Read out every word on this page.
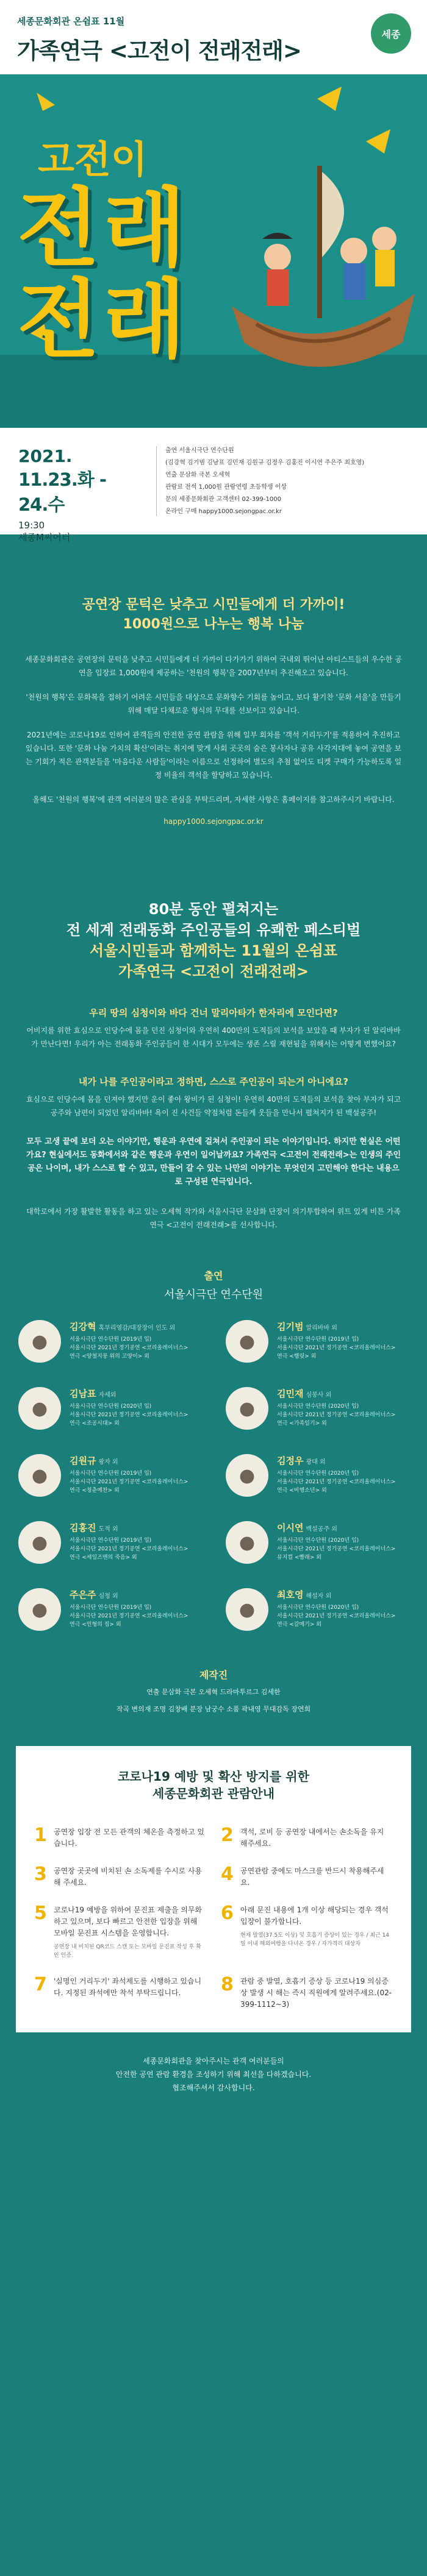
세종문화회관 온쉼표 11월
가족연극 <고전이 전래전래>
세종
고전이
전래
전래
2021.
11.23.화 - 24.수
19:30
세종M씨어터

출연 서울시극단 연수단원

(김강혁 김기범 김남표 김민재 김원규 김정우 김홍진 이시연 주은주 최호영)

연출 문삼화 극본 오세혁

관람료 전석 1,000원 관람연령 초등학생 이상

문의 세종문화회관 고객센터 02-399-1000

온라인 구매 happy1000.sejongpac.or.kr

공연장 문턱은 낮추고 시민들에게 더 가까이!
1000원으로 나누는 행복 나눔

세종문화회관은 공연장의 문턱을 낮추고 시민들에게 더 가까이 다가가기 위하여 국내외 뛰어난 아티스트들의 우수한 공연을 입장료 1,000원에 제공하는 '천원의 행복'을 2007년부터 추진해오고 있습니다.

'천원의 행복'은 문화복을 접하기 어려운 시민들을 대상으로 문화향수 기회를 높이고, 보다 활기찬 '문화 서울'을 만들기 위해 매달 다채로운 형식의 무대를 선보이고 있습니다.

2021년에는 코로나19로 인하여 관객들의 안전한 공연 관람을 위해 일부 회차를 '객석 거리두기'를 적용하여 추진하고 있습니다. 또한 '문화 나눔 가치의 확산'이라는 취지에 맞게 사회 곳곳의 숨은 봉사자나 공유 사각지대에 놓여 공연을 보는 기회가 적은 관객분들을 '마음다운 사람들'이라는 이름으로 선정하여 별도의 추첨 없이도 티켓 구매가 가능하도록 일정 비율의 객석을 할당하고 있습니다.

올해도 '천원의 행복'에 관객 여러분의 많은 관심을 부탁드리며, 자세한 사항은 홈페이지를 참고하주시기 바랍니다.

happy1000.sejongpac.or.kr
80분 동안 펼쳐지는
전 세계 전래동화 주인공들의 유쾌한 페스티벌
서울시민들과 함께하는 11월의 온쉼표
가족연극 <고전이 전래전래>
우리 땅의 심청이와 바다 건너 말리아타가 한자리에 모인다면?
어비지를 위한 효심으로 인당수에 몸을 던진 심청이와 우연히 400만의 도적들의 보석을 보았을 때 부자가 된 알리바바가 만난다면! 우리가 아는 전래동화 주인공들이 한 시대가 모두에는 생존 스릴 재현됨을 위해서는 어떻게 변했어요?
내가 나를 주인공이라고 정하면, 스스로 주인공이 되는거 아니에요?
효심으로 인당수에 몸을 던져야 했지만 운이 좋아 왕비가 된 심청이! 우연히 40만의 도적들의 보석을 찾아 부자가 되고 공주와 남편이 되었던 알리바바! 욕이 진 사건들 약점처럼 돈들게 웃들을 만나서 펼쳐지가 된 백설공주!
모두 고생 끝에 보더 오는 이야기만, 행운과 우연에 걸쳐서 주인공이 되는 이야기입니다. 하지만 현실은 어떤가요? 현실에서도 동화에서와 같은 행운과 우연이 일어날까요? 가족연극 <고전이 전래전래>는 인생의 주인공은 나이며, 내가 스스로 할 수 있고, 만들어 갈 수 있는 나만의 이야기는 무엇인지 고민해야 한다는 내용으로 구성된 연극입니다.
대학로에서 가장 활발한 활동을 하고 있는 오세혁 작가와 서울시극단 문삼화 단장이 의기투합하여 위트 있게 비튼 가족연극 <고전이 전래전래>를 선사합니다.
출연
서울시극단 연수단원
●
김강혁 혹부리영감/대장장이 인도 외
서울시극단 연수단원 (2019년 입)
서울시극단 2021년 정기공연 <코리올레이너스>
연극 <양철지붕 위의 고양이> 외
●
김기범 알리바바 외
서울시극단 연수단원 (2019년 입)
서울시극단 2021년 정기공연 <코리올레이너스>
연극 <햄릿> 외
●
김남표 자세외
서울시극단 연수단원 (2020년 입)
서울시극단 2021년 정기공연 <코리올레이너스>
연극 <조공시대> 외
●
김민재 심봉사 외
서울시극단 연수단원 (2020년 입)
서울시극단 2021년 정기공연 <코리올레이너스>
연극 <가족일기> 외
●
김원규 왕자 외
서울시극단 연수단원 (2019년 입)
서울시극단 2021년 정기공연 <코리올레이너스>
연극 <청춘예찬> 외
●
김정우 광대 외
서울시극단 연수단원 (2020년 입)
서울시극단 2021년 정기공연 <코리올레이너스>
연극 <비행소년> 외
●
김홍진 도적 외
서울시극단 연수단원 (2019년 입)
서울시극단 2021년 정기공연 <코리올레이너스>
연극 <세일즈맨의 죽음> 외
●
이시연 백설공주 외
서울시극단 연수단원 (2020년 입)
서울시극단 2021년 정기공연 <코리올레이너스>
뮤지컬 <빨래> 외
●
주은주 심청 외
서울시극단 연수단원 (2019년 입)
서울시극단 2021년 정기공연 <코리올레이너스>
연극 <인형의 집> 외
●
최호영 해설자 외
서울시극단 연수단원 (2020년 입)
서울시극단 2021년 정기공연 <코리올레이너스>
연극 <갈매기> 외
제작진
연출 문삼화 극본 오세혁 드라마투르그 김세한
작곡 변의재 조명 김창배 분장 남궁수 소품 곽내영 무대감독 장연희
코로나19 예방 및 확산 방지를 위한
세종문화회관 관람안내
1 공연장 입장 전 모든 관객의 체온을 측정하고 있습니다.	2 객석, 로비 등 공연장 내에서는 손소독을 유지 해주세요.
3 공연장 곳곳에 비치된 손 소독제를 수시로 사용해 주세요.	4 공연관람 중에도 마스크를 반드시 착용해주세요.
5 코로나19 예방을 위하여 문진표 제출을 의무화하고 있으며, 보다 빠르고 안전한 입장을 위해 모바일 문진표 시스템을 운영합니다.
공연장 내 비치된 QR코드 스캔 또는 모바일 문진표 작성 후 확인 인증
6 아래 문진 내용에 1개 이상 해당되는 경우 객석입장이 불가합니다.
현재 발열(37.5도 이상) 및 호흡기 증상이 있는 경우 / 최근 14일 이내 해외여행을 다녀온 경우 / 자가격리 대상자
7 '실명인 거리두기' 좌석제도를 시행하고 있습니다. 지정된 좌석에만 착석 부탁드립니다.	8 관람 중 발열, 호흡기 증상 등 코로나19 의심증상 발생 시 해는 즉시 직원에게 알려주세요.(02-399-1112~3)
세종문화회관을 찾아주시는 관객 여러분들의
안전한 공연 관람 환경을 조성하기 위해 최선을 다하겠습니다.
협조해주셔서 감사합니다.
